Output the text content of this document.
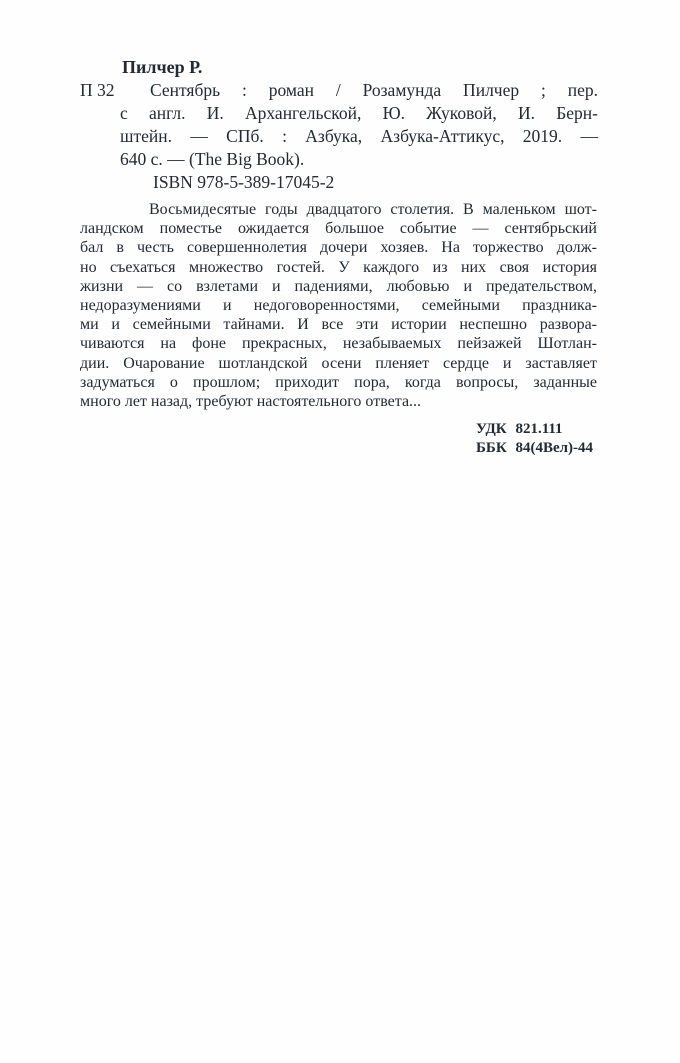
Пилчер Р.
П 32	Сентябрь : роман / Розамунда Пилчер ; пер.
с англ. И. Архангельской, Ю. Жуковой, И. Берн-
штейн. — СПб. : Азбука, Азбука-Аттикус, 2019. —
640 с. — (The Big Book).
ISBN 978-5-389-17045-2
Восьмидесятые годы двадцатого столетия. В маленьком шот-
ландском поместье ожидается большое событие — сентябрьский
бал в честь совершеннолетия дочери хозяев. На торжество долж-
но съехаться множество гостей. У каждого из них своя история
жизни — со взлетами и падениями, любовью и предательством,
недоразумениями и недоговоренностями, семейными праздника-
ми и семейными тайнами. И все эти истории неспешно развора-
чиваются на фоне прекрасных, незабываемых пейзажей Шотлан-
дии. Очарование шотландской осени пленяет сердце и заставляет
задуматься о прошлом; приходит пора, когда вопросы, заданные
много лет назад, требуют настоятельного ответа...
УДК 821.111
ББК 84(4Вел)-44
